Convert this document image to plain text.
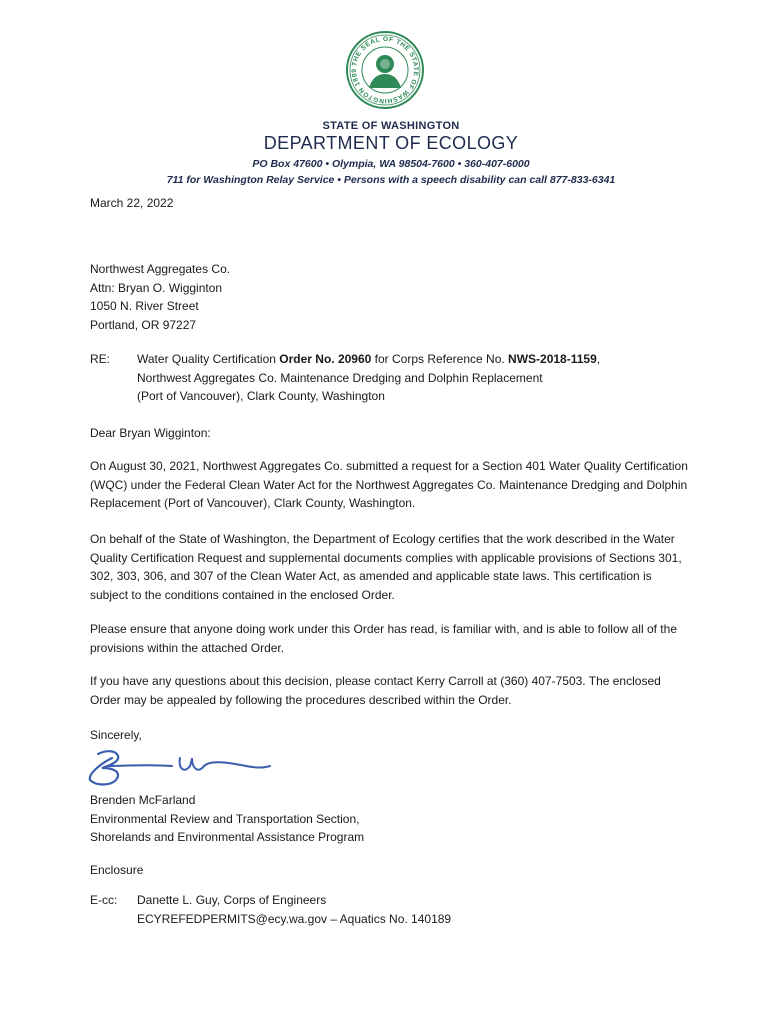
THE SEAL OF THE STATE OF WASHINGTON 1889
STATE OF WASHINGTON
DEPARTMENT OF ECOLOGY
PO Box 47600 • Olympia, WA 98504-7600 • 360-407-6000
711 for Washington Relay Service • Persons with a speech disability can call 877-833-6341
March 22, 2022
Northwest Aggregates Co.
Attn: Bryan O. Wigginton
1050 N. River Street
Portland, OR 97227
RE:	Water Quality Certification Order No. 20960 for Corps Reference No. NWS-2018-1159,
Northwest Aggregates Co. Maintenance Dredging and Dolphin Replacement
(Port of Vancouver), Clark County, Washington
Dear Bryan Wigginton:
On August 30, 2021, Northwest Aggregates Co. submitted a request for a Section 401 Water Quality Certification (WQC) under the Federal Clean Water Act for the Northwest Aggregates Co. Maintenance Dredging and Dolphin Replacement (Port of Vancouver), Clark County, Washington.
On behalf of the State of Washington, the Department of Ecology certifies that the work described in the Water Quality Certification Request and supplemental documents complies with applicable provisions of Sections 301, 302, 303, 306, and 307 of the Clean Water Act, as amended and applicable state laws. This certification is subject to the conditions contained in the enclosed Order.
Please ensure that anyone doing work under this Order has read, is familiar with, and is able to follow all of the provisions within the attached Order.
If you have any questions about this decision, please contact Kerry Carroll at (360) 407-7503. The enclosed Order may be appealed by following the procedures described within the Order.
Sincerely,
Brenden McFarland
Environmental Review and Transportation Section,
Shorelands and Environmental Assistance Program
Enclosure
E-cc:	Danette L. Guy, Corps of Engineers
ECYREFEDPERMITS@ecy.wa.gov – Aquatics No. 140189
